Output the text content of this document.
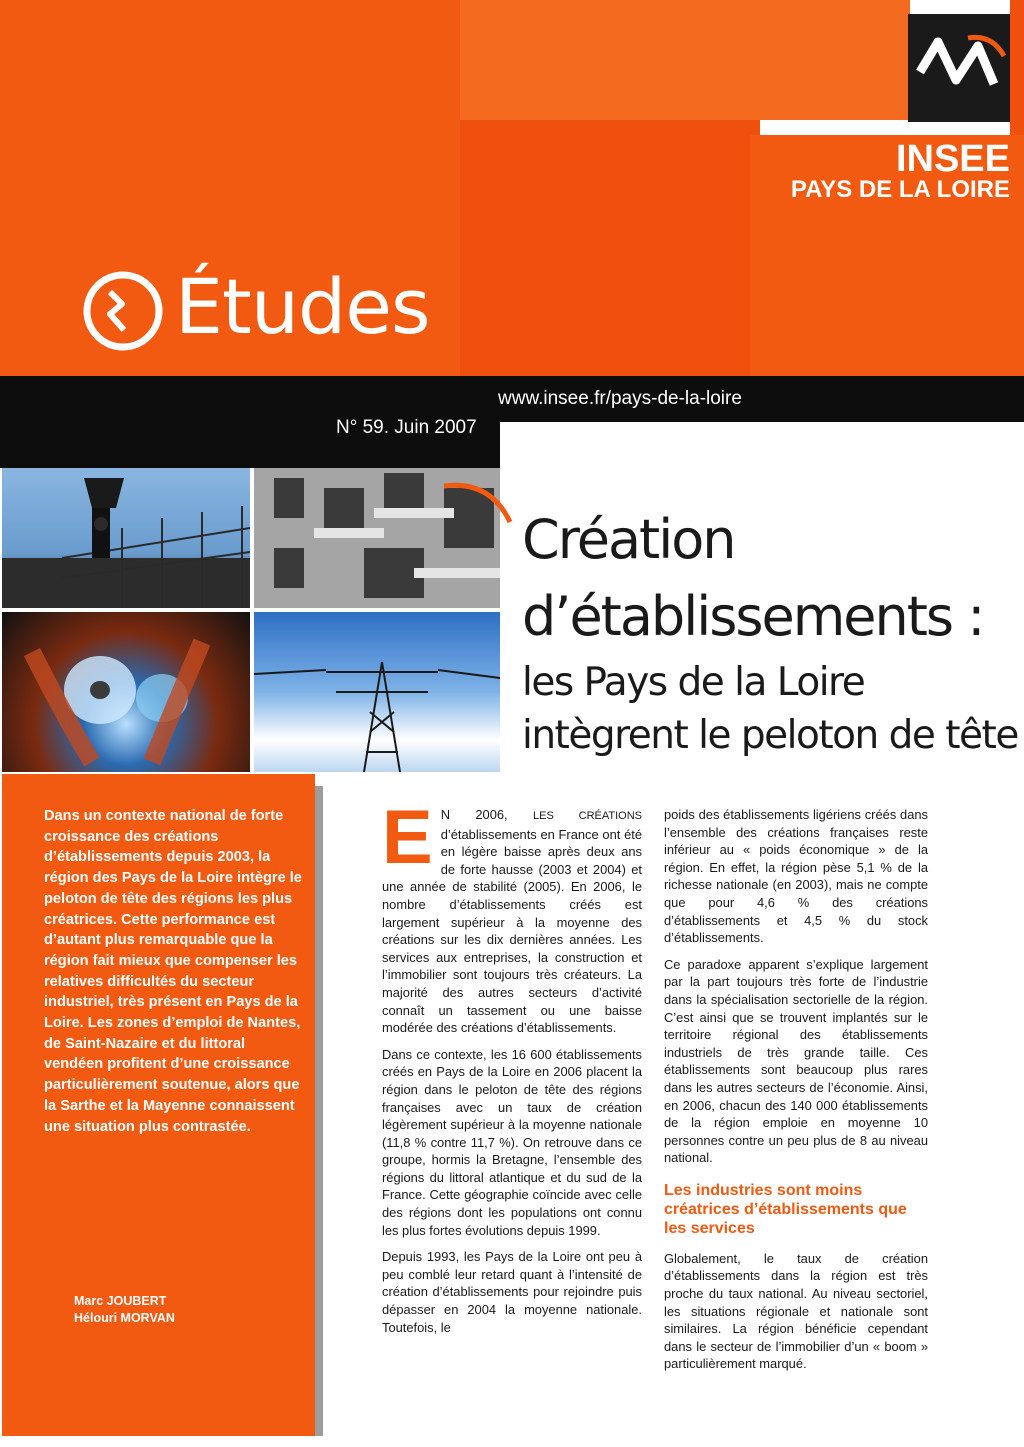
INSEE
PAYS DE LA LOIRE
Études
www.insee.fr/pays-de-la-loire
N° 59. Juin 2007
Création
d’établissements :
les Pays de la Loire
intègrent le peloton de tête
Dans un contexte national de forte croissance des créations d’établissements depuis 2003, la région des Pays de la Loire intègre le peloton de tête des régions les plus créatrices. Cette performance est d’autant plus remarquable que la région fait mieux que compenser les relatives difficultés du secteur industriel, très présent en Pays de la Loire. Les zones d’emploi de Nantes, de Saint-Nazaire et du littoral vendéen profitent d’une croissance particulièrement soutenue, alors que la Sarthe et la Mayenne connaissent une situation plus contrastée.
Marc JOUBERT
Hélouri MORVAN

E N 2006, LES CRÉATIONS d’établissements en France ont été en légère baisse après deux ans de forte hausse (2003 et 2004) et une année de stabilité (2005). En 2006, le nombre d’établissements créés est largement supérieur à la moyenne des créations sur les dix dernières années. Les services aux entreprises, la construction et l’immobilier sont toujours très créateurs. La majorité des autres secteurs d’activité connaît un tassement ou une baisse modérée des créations d’établissements.

Dans ce contexte, les 16 600 établissements créés en Pays de la Loire en 2006 placent la région dans le peloton de tête des régions françaises avec un taux de création légèrement supérieur à la moyenne nationale (11,8 % contre 11,7 %). On retrouve dans ce groupe, hormis la Bretagne, l’ensemble des régions du littoral atlantique et du sud de la France. Cette géographie coïncide avec celle des régions dont les populations ont connu les plus fortes évolutions depuis 1999.

Depuis 1993, les Pays de la Loire ont peu à peu comblé leur retard quant à l’intensité de création d’établissements pour rejoindre puis dépasser en 2004 la moyenne nationale. Toutefois, le

poids des établissements ligériens créés dans l’ensemble des créations françaises reste inférieur au « poids économique » de la région. En effet, la région pèse 5,1 % de la richesse nationale (en 2003), mais ne compte que pour 4,6 % des créations d’établissements et 4,5 % du stock d’établissements.

Ce paradoxe apparent s’explique largement par la part toujours très forte de l’industrie dans la spécialisation sectorielle de la région. C’est ainsi que se trouvent implantés sur le territoire régional des établissements industriels de très grande taille. Ces établissements sont beaucoup plus rares dans les autres secteurs de l’économie. Ainsi, en 2006, chacun des 140 000 établissements de la région emploie en moyenne 10 personnes contre un peu plus de 8 au niveau national.

Les industries sont moins créatrices d’établissements que les services

Globalement, le taux de création d’établissements dans la région est très proche du taux national. Au niveau sectoriel, les situations régionale et nationale sont similaires. La région bénéficie cependant dans le secteur de l’immobilier d’un « boom » particulièrement marqué.
